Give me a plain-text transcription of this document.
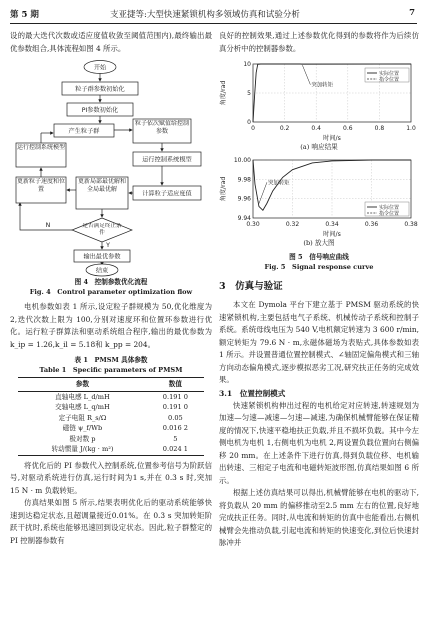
第 5 期	支亚捷等:大型快速紧锁机构多领域仿真和试验分析	7

设的最大迭代次数或适应度值收敛至阈值范围内),最终输出最优参数组合,具体流程如图 4 所示。

开始
粒子群参数初始化
PI参数初始化
产生粒子群
粒子依次赋值给控制参数
运行控制系统模型
运行控制系统模型
更新粒子速度和位置
更新局部最优解和全局最优解
计算粒子适应度值
是否满足终止条件
N
Y
输出最优参数
结束
图 4　控制参数优化流程
Fig. 4　Control parameter optimization flow

电机参数如表 1 所示,设定粒子群规模为 50,优化维度为 2,迭代次数上限为 100,分别对速度环和位置环参数进行优化。运行粒子群算法和驱动系统组合程序,输出的最优参数为 k_ip = 1.26,k_il = 5.18和 k_pp = 204。

表 1　PMSM 具体参数
Table 1　Specific parameters of PMSM
参数	数值
直轴电感 L_d/mH	0.191 0
交轴电感 L_q/mH	0.191 0
定子电阻 R_s/Ω	0.05
磁链 ψ_f/Wb	0.016 2
极对数 p	5
转动惯量 J/(kg · m²)	0.024 1

将优化后的 PI 参数代入控制系统,位置参考信号为阶跃信号,对驱动系统进行仿真,运行时间为1 s,并在 0.3 s 时,突加 15 N · m 负载转矩。

仿真结果如图 5 所示,结果表明优化后的驱动系统能够快速到达稳定状态,且超调量接近0.01%。在 0.3 s 突加转矩阶跃干扰时,系统也能够迅速回到设定状态。因此,粒子群整定的 PI 控制器参数有

良好的控制效果,通过上述参数优化得到的参数将作为后续仿真分析中的控制器参数。

0	0.2	0.4	0.6	0.8	1.0
0
5
10
时间/s
角度/rad
实际位置
指令位置
突加转矩
(a) 响应结果
0.30	0.32	0.34	0.36	0.38
9.94
9.96
9.98
10.00
时间/s
角度/rad
实际位置
指令位置
突加转矩
(b) 放大图
图 5　信号响应曲线
Fig. 5　Signal response curve
3　仿真与验证

本文在 Dymola 平台下建立基于 PMSM 驱动系统的快速紧锁机构,主要包括电气子系统、机械传动子系统和控制子系统。系统母线电压为 540 V,电机额定转速为 3 600 r/min,额定转矩为 79.6 N · m,永磁体磁场为表贴式,具体参数如表 1 所示。并设置普通位置控制模式、∠轴固定偏角模式和三轴方向动态偏角模式,逐步模拟恶劣工况,研究扶正任务的完成效果。

3.1　位置控制模式

快速紧锁机构伸出过程的电机给定对应转速,转速规划为加速—匀速—减速—匀速—减速,为确保机械臂能够在保证精度的情况下,快速平稳地扶正负载,并且不损坏负载。其中今左侧电机为电机 1,右侧电机为电机 2,两设置负载位置向右侧偏移 20 mm。在上述条件下进行仿真,得到负载位移、电机输出转速、三相定子电流和电磁转矩波形图,仿真结果如图 6 所示。

根据上述仿真结果可以得出,机械臂能够在电机的驱动下,将负载从 20 mm 的偏移推动至2.5 mm 左右的位置,良好地完成扶正任务。同时,从电流和转矩的仿真中也能看出,右侧机械臂会先推动负载,引起电流和转矩的快速变化,到位后快速封脉冲并
